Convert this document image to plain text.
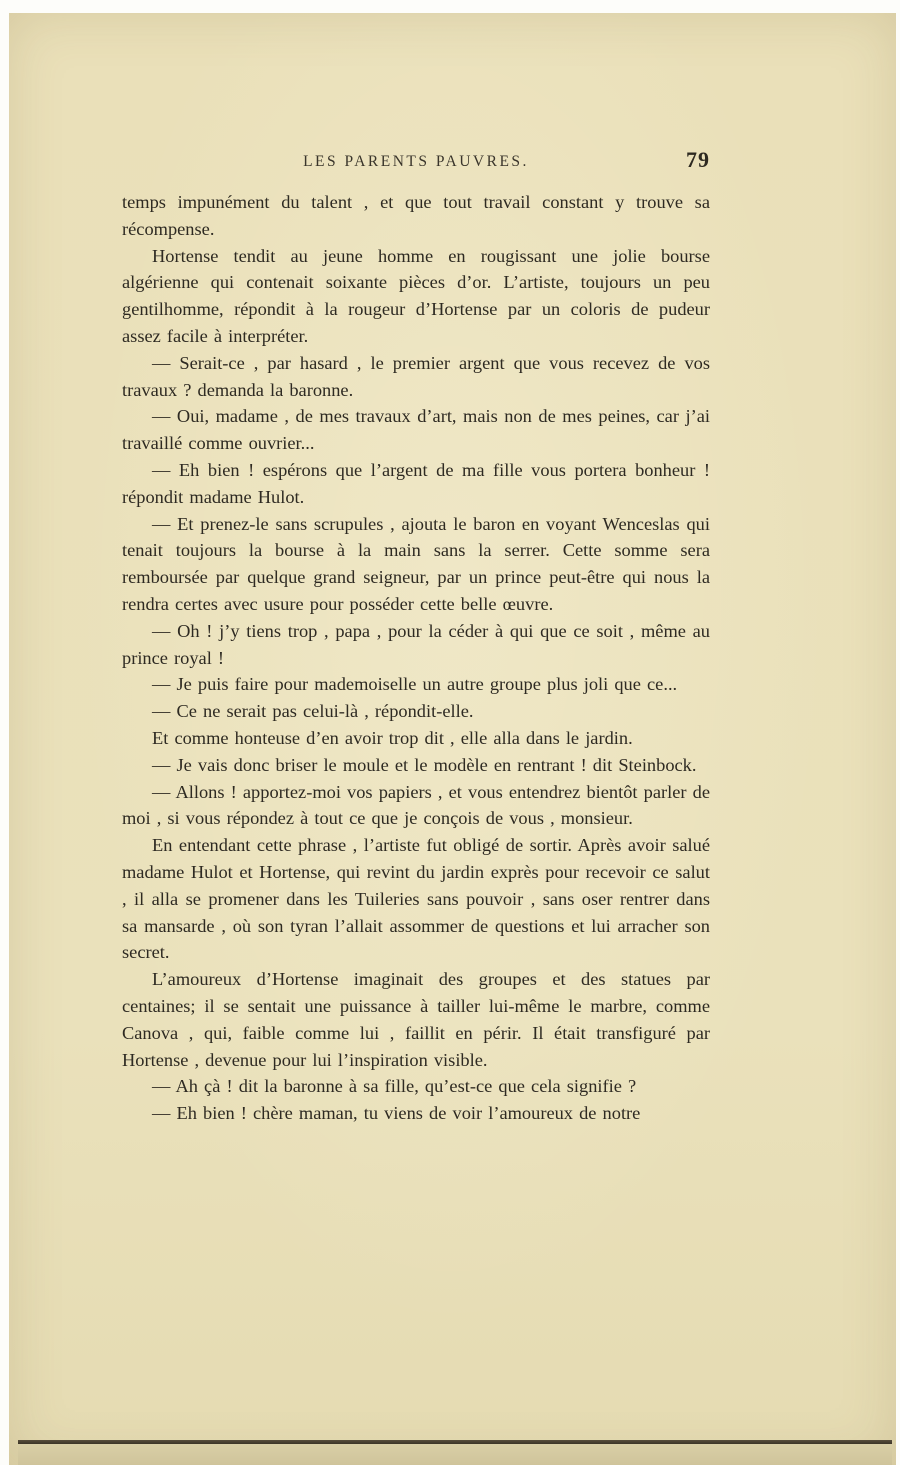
LES PARENTS PAUVRES.	79

temps impunément du talent , et que tout travail constant y trouve sa récompense.

Hortense tendit au jeune homme en rougissant une jolie bourse algérienne qui contenait soixante pièces d’or. L’artiste, toujours un peu gentilhomme, répondit à la rougeur d’Hortense par un coloris de pudeur assez facile à interpréter.

— Serait-ce , par hasard , le premier argent que vous recevez de vos travaux ? demanda la baronne.

— Oui, madame , de mes travaux d’art, mais non de mes peines, car j’ai travaillé comme ouvrier...

— Eh bien ! espérons que l’argent de ma fille vous portera bonheur ! répondit madame Hulot.

— Et prenez-le sans scrupules , ajouta le baron en voyant Wenceslas qui tenait toujours la bourse à la main sans la serrer. Cette somme sera remboursée par quelque grand seigneur, par un prince peut-être qui nous la rendra certes avec usure pour posséder cette belle œuvre.

— Oh ! j’y tiens trop , papa , pour la céder à qui que ce soit , même au prince royal !

— Je puis faire pour mademoiselle un autre groupe plus joli que ce...

— Ce ne serait pas celui-là , répondit-elle.

Et comme honteuse d’en avoir trop dit , elle alla dans le jardin.

— Je vais donc briser le moule et le modèle en rentrant ! dit Steinbock.

— Allons ! apportez-moi vos papiers , et vous entendrez bientôt parler de moi , si vous répondez à tout ce que je conçois de vous , monsieur.

En entendant cette phrase , l’artiste fut obligé de sortir. Après avoir salué madame Hulot et Hortense, qui revint du jardin exprès pour recevoir ce salut , il alla se promener dans les Tuileries sans pouvoir , sans oser rentrer dans sa mansarde , où son tyran l’allait assommer de questions et lui arracher son secret.

L’amoureux d’Hortense imaginait des groupes et des statues par centaines; il se sentait une puissance à tailler lui-même le marbre, comme Canova , qui, faible comme lui , faillit en périr. Il était transfiguré par Hortense , devenue pour lui l’inspiration visible.

— Ah çà ! dit la baronne à sa fille, qu’est-ce que cela signifie ?

— Eh bien ! chère maman, tu viens de voir l’amoureux de notre
